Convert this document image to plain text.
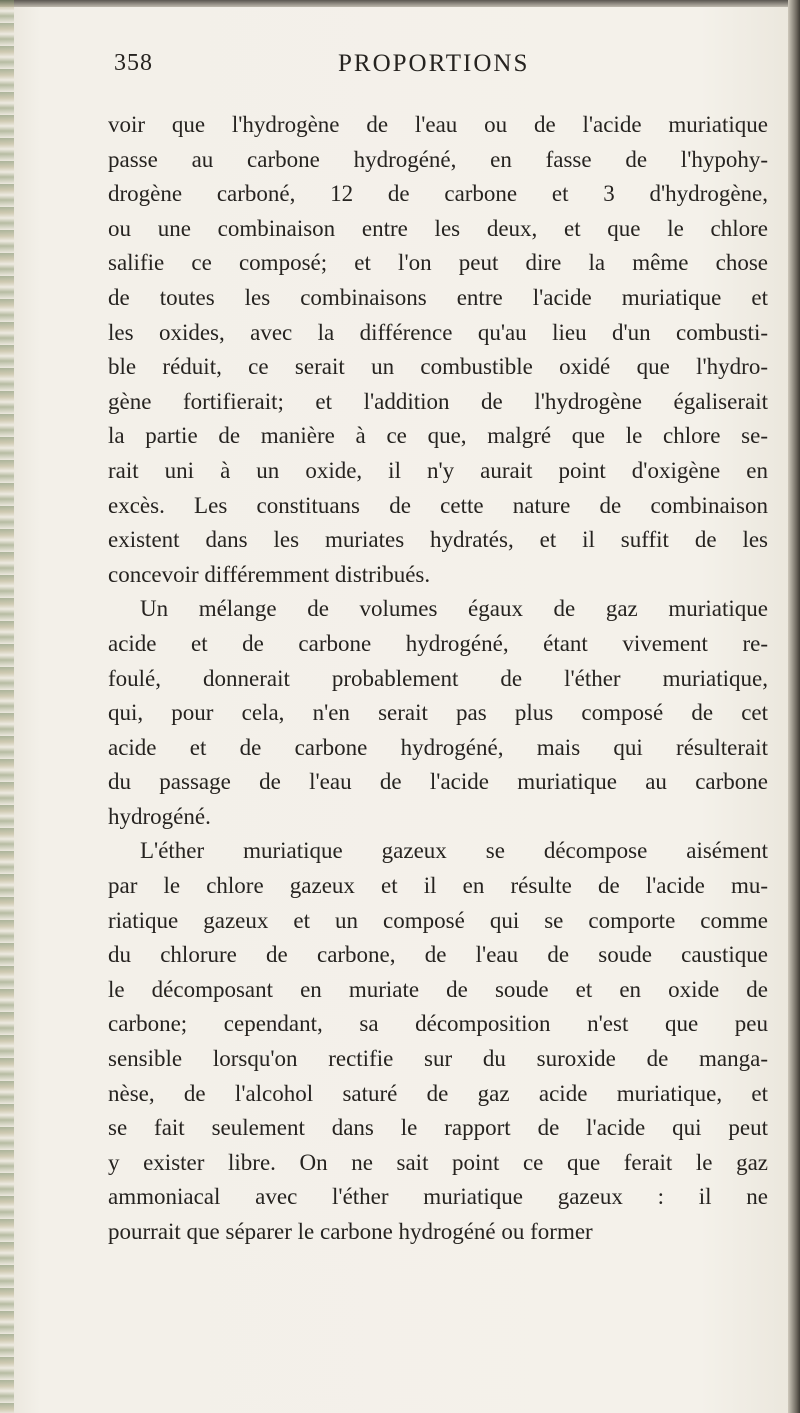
358	PROPORTIONS
voir que l'hydrogène de l'eau ou de l'acide muriatique
passe au carbone hydrogéné, en fasse de l'hypohy-
drogène carboné, 12 de carbone et 3 d'hydrogène,
ou une combinaison entre les deux, et que le chlore
salifie ce composé; et l'on peut dire la même chose
de toutes les combinaisons entre l'acide muriatique et
les oxides, avec la différence qu'au lieu d'un combusti-
ble réduit, ce serait un combustible oxidé que l'hydro-
gène fortifierait; et l'addition de l'hydrogène égaliserait
la partie de manière à ce que, malgré que le chlore se-
rait uni à un oxide, il n'y aurait point d'oxigène en
excès. Les constituans de cette nature de combinaison
existent dans les muriates hydratés, et il suffit de les
concevoir différemment distribués.
Un mélange de volumes égaux de gaz muriatique
acide et de carbone hydrogéné, étant vivement re-
foulé, donnerait probablement de l'éther muriatique,
qui, pour cela, n'en serait pas plus composé de cet
acide et de carbone hydrogéné, mais qui résulterait
du passage de l'eau de l'acide muriatique au carbone
hydrogéné.
L'éther muriatique gazeux se décompose aisément
par le chlore gazeux et il en résulte de l'acide mu-
riatique gazeux et un composé qui se comporte comme
du chlorure de carbone, de l'eau de soude caustique
le décomposant en muriate de soude et en oxide de
carbone; cependant, sa décomposition n'est que peu
sensible lorsqu'on rectifie sur du suroxide de manga-
nèse, de l'alcohol saturé de gaz acide muriatique, et
se fait seulement dans le rapport de l'acide qui peut
y exister libre. On ne sait point ce que ferait le gaz
ammoniacal avec l'éther muriatique gazeux : il ne
pourrait que séparer le carbone hydrogéné ou former
